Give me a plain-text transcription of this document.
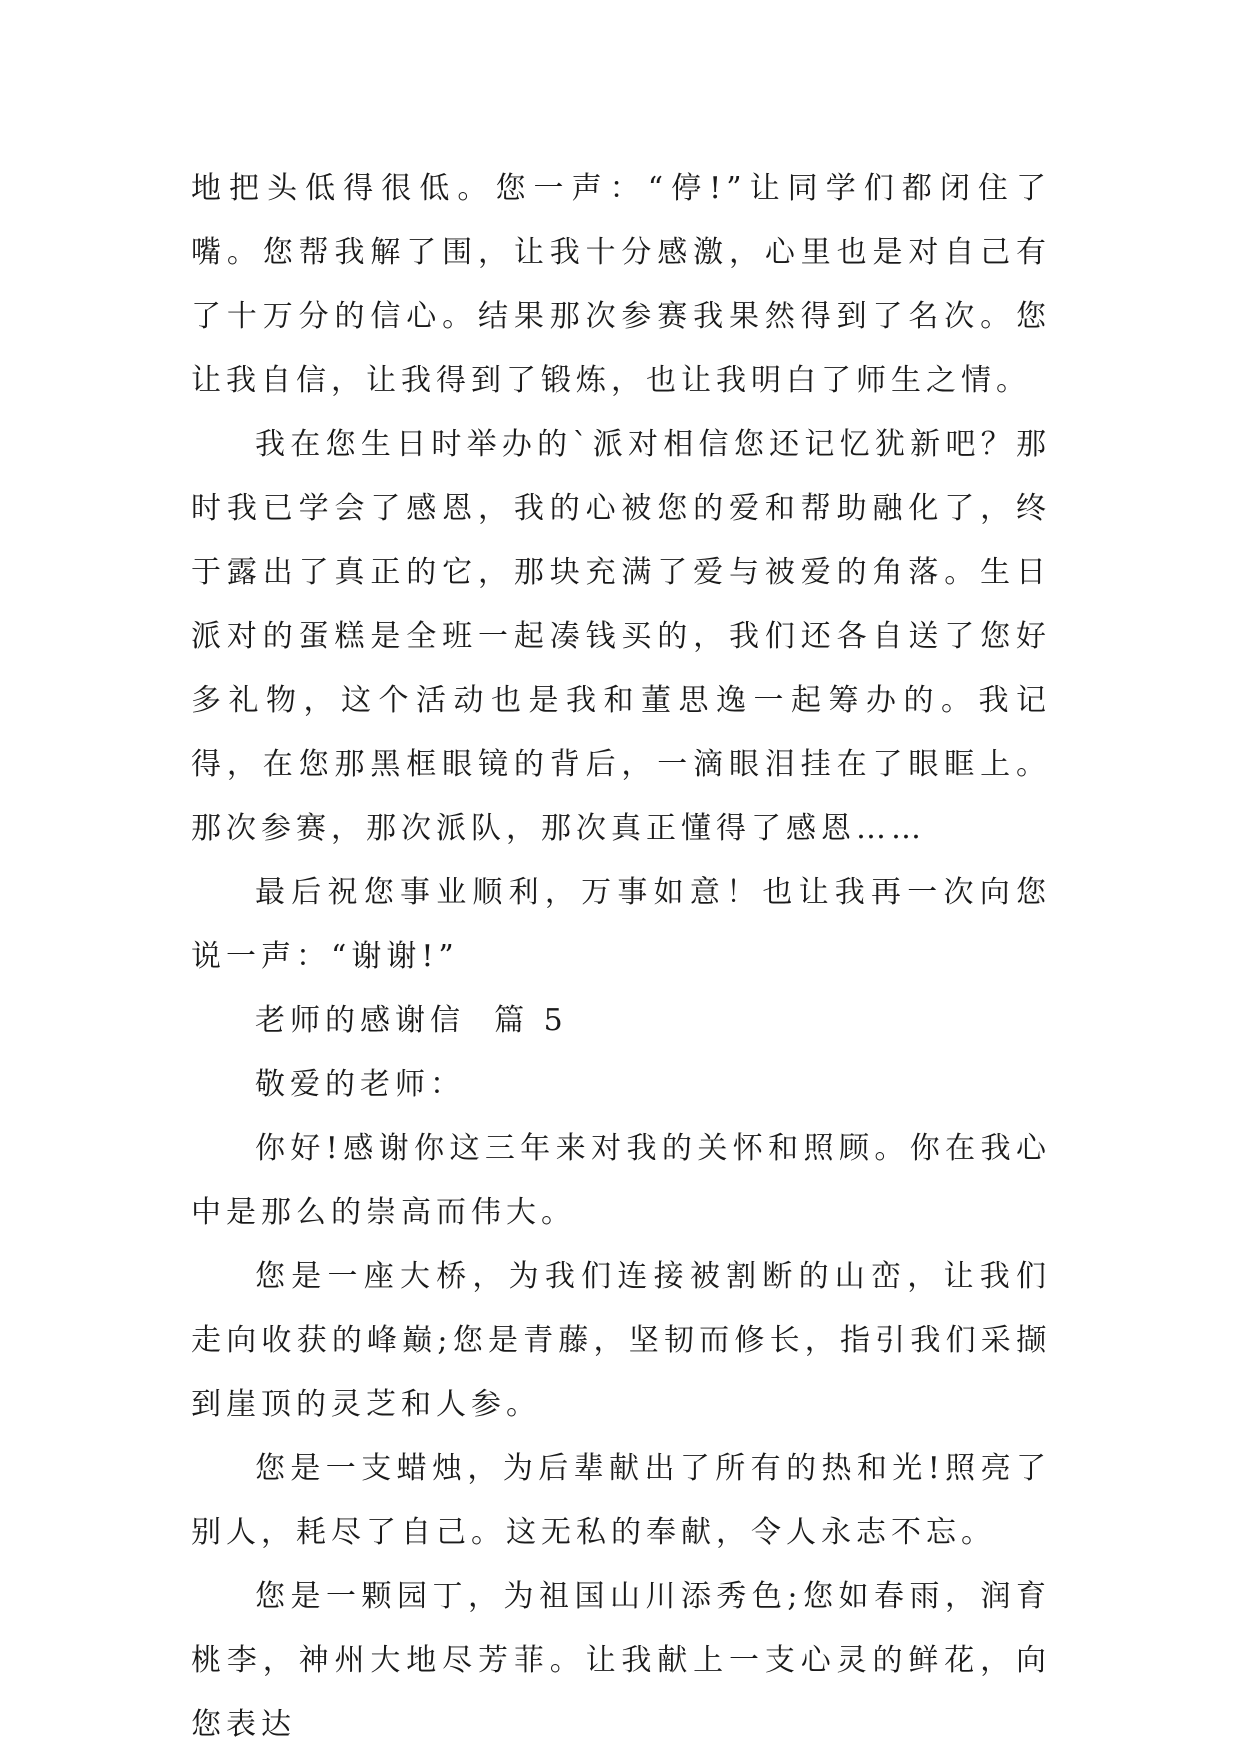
地把头低得很低。您一声：“停!”让同学们都闭住了嘴。您帮我解了围，让我十分感激，心里也是对自己有了十万分的信心。结果那次参赛我果然得到了名次。您让我自信，让我得到了锻炼，也让我明白了师生之情。

我在您生日时举办的`派对相信您还记忆犹新吧？那时我已学会了感恩，我的心被您的爱和帮助融化了，终于露出了真正的它，那块充满了爱与被爱的角落。生日派对的蛋糕是全班一起凑钱买的，我们还各自送了您好多礼物，这个活动也是我和董思逸一起筹办的。我记得，在您那黑框眼镜的背后，一滴眼泪挂在了眼眶上。那次参赛，那次派队，那次真正懂得了感恩……

最后祝您事业顺利，万事如意！也让我再一次向您说一声：“谢谢!”

老师的感谢信  篇 5

敬爱的老师：

你好!感谢你这三年来对我的关怀和照顾。你在我心中是那么的崇高而伟大。

您是一座大桥，为我们连接被割断的山峦，让我们走向收获的峰巅;您是青藤，坚韧而修长，指引我们采撷到崖顶的灵芝和人参。

您是一支蜡烛，为后辈献出了所有的热和光!照亮了别人，耗尽了自己。这无私的奉献，令人永志不忘。

您是一颗园丁，为祖国山川添秀色;您如春雨，润育桃李，神州大地尽芳菲。让我献上一支心灵的鲜花，向您表达
